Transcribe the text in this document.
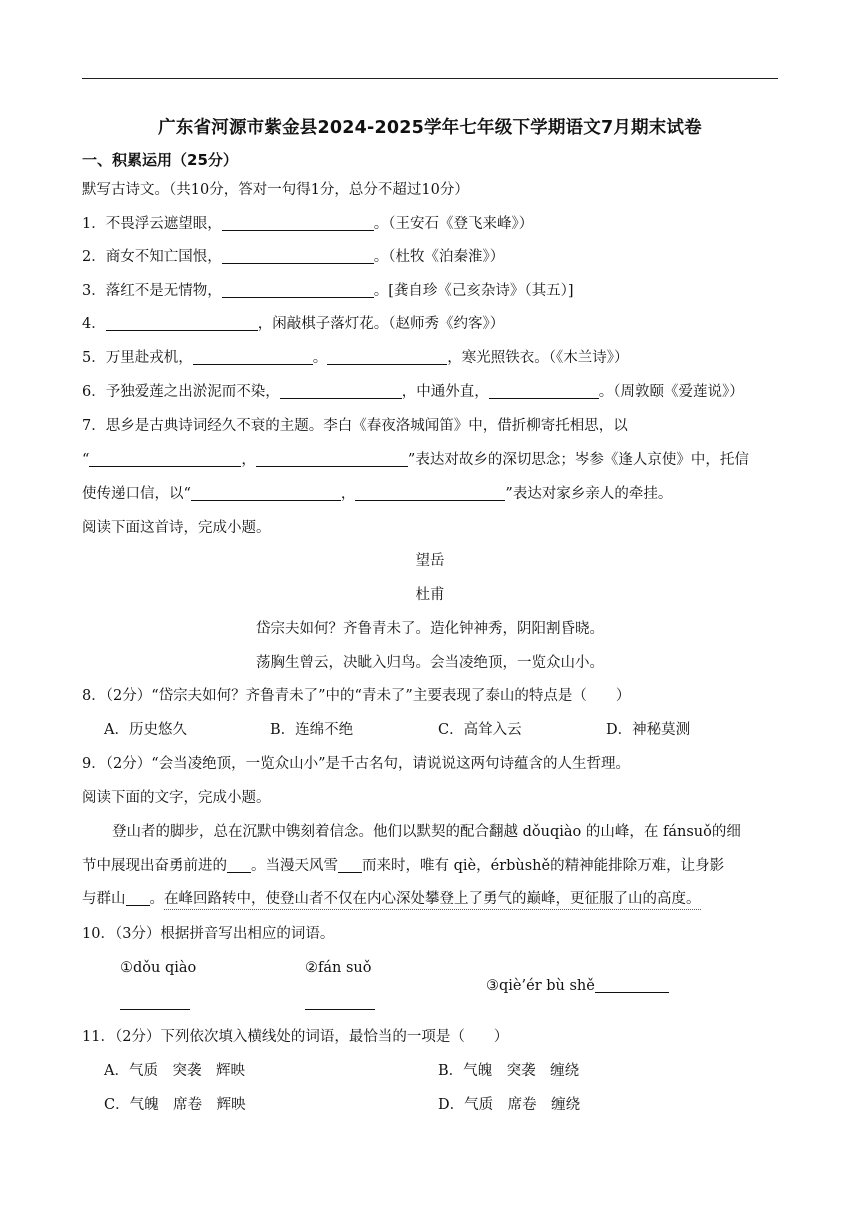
广东省河源市紫金县2024-2025学年七年级下学期语文7月期末试卷
一、积累运用（25分）
默写古诗文。（共10分，答对一句得1分，总分不超过10分）
1．不畏浮云遮望眼，	。（王安石《登飞来峰》）
2．商女不知亡国恨，	。（杜牧《泊秦淮》）
3．落红不是无情物，	。[龚自珍《己亥杂诗》（其五）]
4．	，闲敲棋子落灯花。（赵师秀《约客》）
5．万里赴戎机，	。	，寒光照铁衣。（《木兰诗》）
6．予独爱莲之出淤泥而不染，	，中通外直，	。（周敦颐《爱莲说》）
7．思乡是古典诗词经久不衰的主题。李白《春夜洛城闻笛》中，借折柳寄托相思，以
“	，	”表达对故乡的深切思念；岑参《逢人京使》中，托信
使传递口信，以“	，	”表达对家乡亲人的牵挂。
阅读下面这首诗，完成小题。
望岳
杜甫
岱宗夫如何？齐鲁青未了。造化钟神秀，阴阳割昏晓。
荡胸生曾云，决眦入归鸟。会当凌绝顶，一览众山小。
8．（2分）“岱宗夫如何？齐鲁青未了”中的“青未了”主要表现了泰山的特点是（　　）
A．历史悠久	B．连绵不绝	C．高耸入云	D．神秘莫测
9．（2分）“会当凌绝顶，一览众山小”是千古名句，请说说这两句诗蕴含的人生哲理。
阅读下面的文字，完成小题。
登山者的脚步，总在沉默中镌刻着信念。他们以默契的配合翻越 dǒuqiào 的山峰，在 fánsuǒ的细
节中展现出奋勇前进的 。当漫天风雪 而来时，唯有 qiè，érbùshě的精神能排除万难，让身影
与群山 。在峰回路转中，使登山者不仅在内心深处攀登上了勇气的巅峰，更征服了山的高度。
10．（3分）根据拼音写出相应的词语。
①dǒu qiào	②fán suǒ
③qiè’ér bù shě
11．（2分）下列依次填入横线处的词语，最恰当的一项是（　　）
A．气质　突袭　辉映	B．气魄　突袭　缠绕
C．气魄　席卷　辉映	D．气质　席卷　缠绕
